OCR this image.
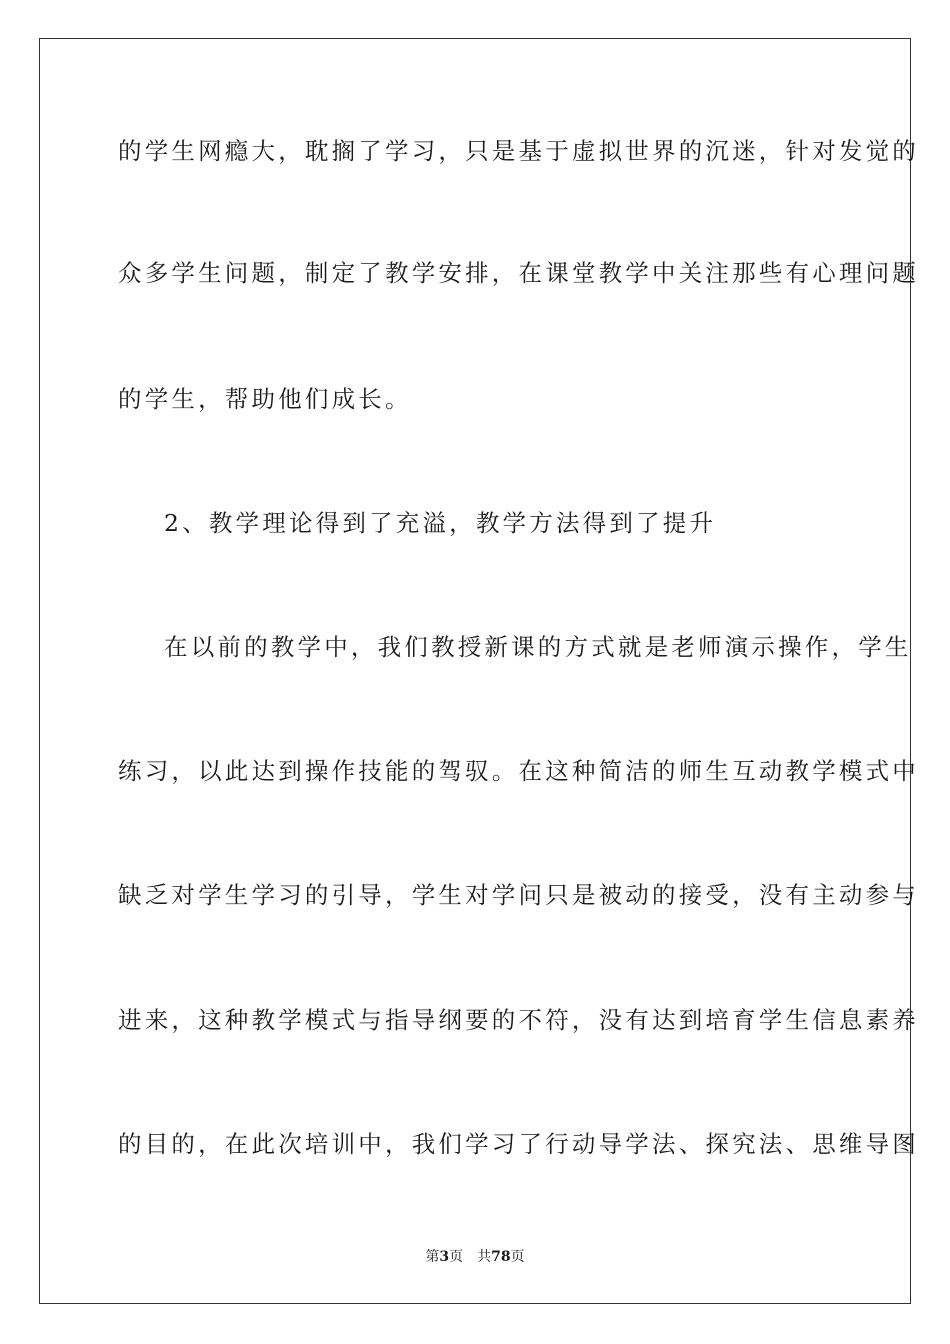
的学生网瘾大，耽搁了学习，只是基于虚拟世界的沉迷，针对发觉的
众多学生问题，制定了教学安排，在课堂教学中关注那些有心理问题
的学生，帮助他们成长。
2、教学理论得到了充溢，教学方法得到了提升
在以前的教学中，我们教授新课的方式就是老师演示操作，学生
练习，以此达到操作技能的驾驭。在这种简洁的师生互动教学模式中
缺乏对学生学习的引导，学生对学问只是被动的接受，没有主动参与
进来，这种教学模式与指导纲要的不符，没有达到培育学生信息素养
的目的，在此次培训中，我们学习了行动导学法、探究法、思维导图
第3页 共78页
